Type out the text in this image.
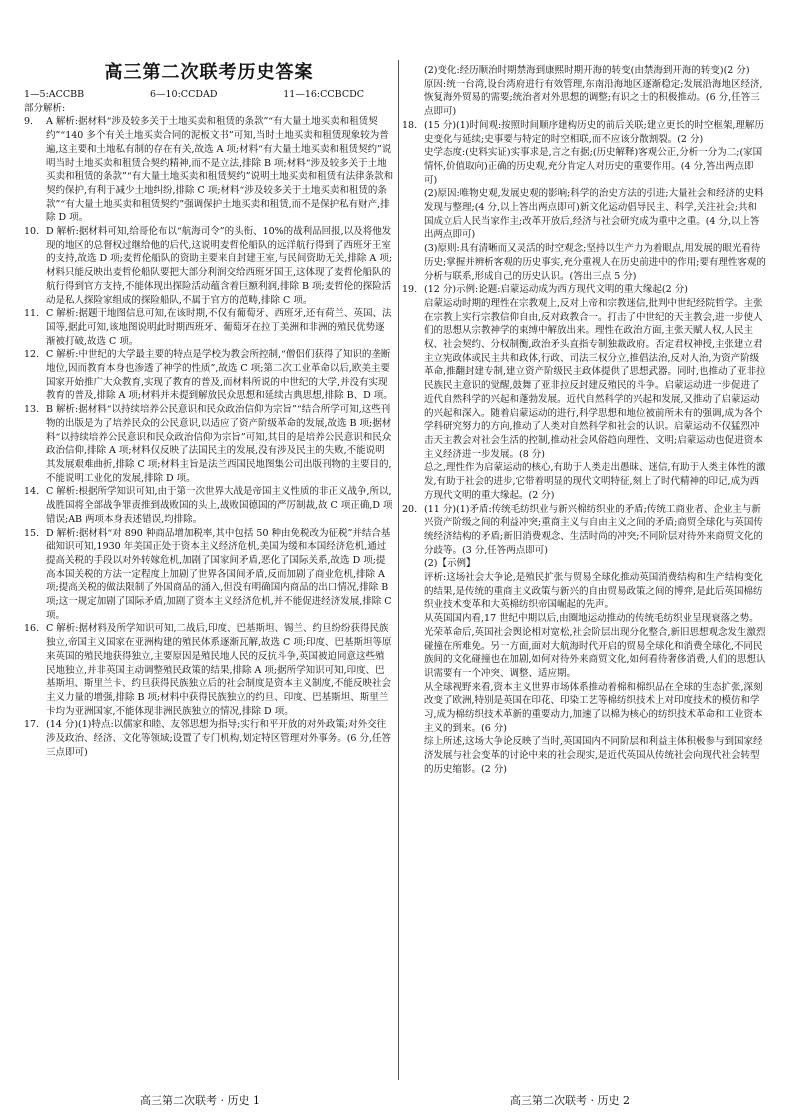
高三第二次联考历史答案
1—5:ACCBB	6—10:CCDAD	11—16:CCBCDC
部分解析:
9.	A 解析:据材料“涉及较多关于土地买卖和租赁的条款”“有大量土地买卖和租赁契约”“140 多个有关土地买卖合同的泥板文书”可知,当时土地买卖和租赁现象较为普遍,这主要和土地私有制的存在有关,故选 A 项;材料“有大量土地买卖和租赁契约”说明当时土地买卖和租赁合契约精神,而不是立法,排除 B 项;材料“涉及较多关于土地买卖和租赁的条款”“有大量土地买卖和租赁契约”说明土地买卖和租赁有法律条款和契约保护,有利于减少土地纠纷,排除 C 项;材料“涉及较多关于土地买卖和租赁的条款”“有大量土地买卖和租赁契约”强调保护土地买卖和租赁,而不是保护私有财产,排除 D 项。
10. D 解析:据材料可知,给哥伦布以“航海司令”的头衔、10%的战利品回报,以及将他发现的地区的总督权过继给他的后代,这说明麦哲伦船队的远洋航行得到了西班牙王室的支持,故选 D 项;麦哲伦船队的资助主要来自封建王室,与民间资助无关,排除 A 项;材料只能反映出麦哲伦船队要把大部分利润交给西班牙国王,这体现了麦哲伦船队的航行得到官方支持,不能体现出探险活动蕴含着巨额利润,排除 B 项;麦哲伦的探险活动是私人探险家组成的探险船队,不属于官方的范畴,排除 C 项。
11. C 解析:据题干地图信息可知,在该时期,不仅有葡萄牙、西班牙,还有荷兰、英国、法国等,据此可知,该地图说明此时期西班牙、葡萄牙在拉丁美洲和非洲的殖民优势逐渐被打破,故选 C 项。
12. C 解析:中世纪的大学最主要的特点是学校为教会所控制,“僧侣们获得了知识的垄断地位,因而教育本身也渗透了神学的性质”,故选 C 项;第二次工业革命以后,欧美主要国家开始推广大众教育,实现了教育的普及,而材料所说的中世纪的大学,并没有实现教育的普及,排除 A 项;材料并未提到解放民众思想和延续古典思想,排除 B、D 项。
13. B 解析:据材料“以持续培养公民意识和民众政治信仰为宗旨”“结合所学可知,这些刊物的出版是为了培养民众的公民意识,以适应了资产阶级革命的发展,故选 B 项;据材料“以持续培养公民意识和民众政治信仰为宗旨”可知,其目的是培养公民意识和民众政治信仰,排除 A 项;材料仅反映了法国民主的发展,没有涉及民主的失败,不能说明其发展艰难曲折,排除 C 项;材料主旨是法兰西国民地图集公司出版刊物的主要目的,不能说明工业化的发展,排除 D 项。
14. C 解析:根据所学知识可知,由于第一次世界大战是帝国主义性质的非正义战争,所以,战胜国将全部战争罪责推到战败国的头上,战败国德国的严厉制裁,故 C 项正确,D 项错误;AB 两项本身表述错误,均排除。
15. D 解析:据材料“对 890 种商品增加税率,其中包括 50 种由免税改为征税”并结合基础知识可知,1930 年美国正处于资本主义经济危机,美国为缓和本国经济危机,通过提高关税的手段以对外转嫁危机,加剧了国家间矛盾,恶化了国际关系,故选 D 项;提高本国关税的方法一定程度上加剧了世界各国间矛盾,反而加剧了商业危机,排除 A 项;提高关税的做法限制了外国商品的涌入,但没有明确国内商品的出口情况,排除 B 项;这一规定加剧了国际矛盾,加剧了资本主义经济危机,并不能促进经济发展,排除 C 项。
16. C 解析:据材料及所学知识可知,二战后,印度、巴基斯坦、锡兰、约旦纷纷获得民族独立,帝国主义国家在亚洲构建的殖民体系逐渐瓦解,故选 C 项;印度、巴基斯坦等原来英国的殖民地获得独立,主要原因是殖民地人民的反抗斗争,英国被迫同意这些殖民地独立,并非英国主动调整殖民政策的结果,排除 A 项;据所学知识可知,印度、巴基斯坦、斯里兰卡、约旦获得民族独立后的社会制度是资本主义制度,不能反映社会主义力量的增强,排除 B 项;材料中获得民族独立的约旦、印度、巴基斯坦、斯里兰卡均为亚洲国家,不能体现非洲民族独立的情况,排除 D 项。
17. (14 分)(1)特点:以儒家和睦、友邻思想为指导;实行和平开放的对外政策;对外交往涉及政治、经济、文化等领域;设置了专门机构,划定特区管理对外事务。(6 分,任答三点即可)
(2)变化:经历顺治时期禁海到康熙时期开海的转变(由禁海到开海的转变)(2 分)
原因:统一台湾,设台湾府进行有效管理,东南沿海地区逐渐稳定;发展沿海地区经济,恢复海外贸易的需要;统治者对外思想的调整;有识之士的积极推动。(6 分,任答三点即可)
18. (15 分)(1)时间观:按照时间顺序建构历史的前后关联;建立更长的时空框架,理解历史变化与延续;史事要与特定的时空相联,而不应该分散割裂。(2 分)
史学态度:(史料实证)实事求是,言之有据;(历史解释)客观公正,分析一分为二;(家国情怀,价值取向)正确的历史观,充分肯定人对历史的重要作用。(4 分,答出两点即可)
(2)原因:唯物史观,发展史观的影响;科学的治史方法的引进;大量社会和经济的史料发现与整理;(4 分,以上答出两点即可)新文化运动倡导民主、科学,关注社会;共和国成立后人民当家作主;改革开放后,经济与社会研究成为重中之重。(4 分,以上答出两点即可)
(3)原则:具有清晰而又灵活的时空观念;坚持以生产力为着眼点,用发展的眼光看待历史;掌握并辨析客观的历史事实,充分重视人在历史前进中的作用;要有理性客观的分析与联系,形成自己的历史认识。(答出三点 5 分)
19. (12 分)示例:论题:启蒙运动成为西方现代文明的重大缘起(2 分)
启蒙运动时期的理性在宗教观上,反对上帝和宗教迷信,批判中世纪经院哲学。主张在宗教上实行宗教信仰自由,反对政教合一。打击了中世纪的天主教会,进一步使人们的思想从宗教神学的束缚中解放出来。理性在政治方面,主张天赋人权,人民主权、社会契约、分权制衡,政治矛头直指专制独裁政府。否定君权神授,主张建立君主立宪政体或民主共和政体,行政、司法三权分立,推倡法治,反对人治,为资产阶级革命,推翻封建专制,建立资产阶级民主政体提供了思想武器。同时,也推动了亚非拉民族民主意识的觉醒,鼓舞了亚非拉反封建反殖民的斗争。启蒙运动进一步促进了近代自然科学的兴起和蓬勃发展。近代自然科学的兴起和发展,又推动了启蒙运动的兴起和深入。随着启蒙运动的进行,科学思想和地位被前所未有的强调,成为各个学科研究努力的方向,推动了人类对自然科学和社会的认识。启蒙运动不仅猛烈冲击天主教会对社会生活的控制,推动社会风俗趋向理性、文明;启蒙运动也促进资本主义经济进一步发展。(8 分)
总之,理性作为启蒙运动的核心,有助于人类走出愚昧、迷信,有助于人类主体性的激发,有助于社会的进步,它带着明显的现代文明特征,刻上了时代精神的印记,成为西方现代文明的重大缘起。(2 分)
20. (11 分)(1)矛盾:传统毛纺织业与新兴棉纺织业的矛盾;传统工商业者、企业主与新兴资产阶级之间的利益冲突;重商主义与自由主义之间的矛盾;商贸全球化与英国传统经济结构的矛盾;新旧消费观念、生活时尚的冲突;不同阶层对待外来商贸文化的分歧等。(3 分,任答两点即可)
(2)【示例】
评析:这场社会大争论,是殖民扩张与贸易全球化推动英国消费结构和生产结构变化的结果,是传统的重商主义政策与新兴的自由贸易政策之间的博弈,是此后英国棉纺织业技术变革和大英棉纺织帝国崛起的先声。
从英国国内看,17 世纪中期以后,由圈地运动推动的传统毛纺织业呈现衰落之势。光荣革命后,英国社会舆论相对宽松,社会阶层出现分化整合,新旧思想观念发生激烈碰撞在所难免。另一方面,面对大航海时代开启的贸易全球化和消费全球化,不同民族间的文化碰撞也在加剧,如何对待外来商贸文化,如何看待奢侈消费,人们的思想认识需要有一个冲突、调整、适应期。
从全球视野来看,资本主义世界市场体系推动着棉和棉织品在全球的生态扩张,深刻改变了欧洲,特别是英国在印花、印染工艺等棉纺织技术上对印度技术的模仿和学习,成为棉纺织技术革新的重要动力,加速了以棉为核心的纺织技术革命和工业资本主义的到来。(6 分)
综上所述,这场大争论反映了当时,英国国内不同阶层和利益主体积极参与到国家经济发展与社会变革的讨论中来的社会现实,是近代英国从传统社会向现代社会转型的历史缩影。(2 分)
高三第二次联考 · 历史 1	高三第二次联考 · 历史 2
